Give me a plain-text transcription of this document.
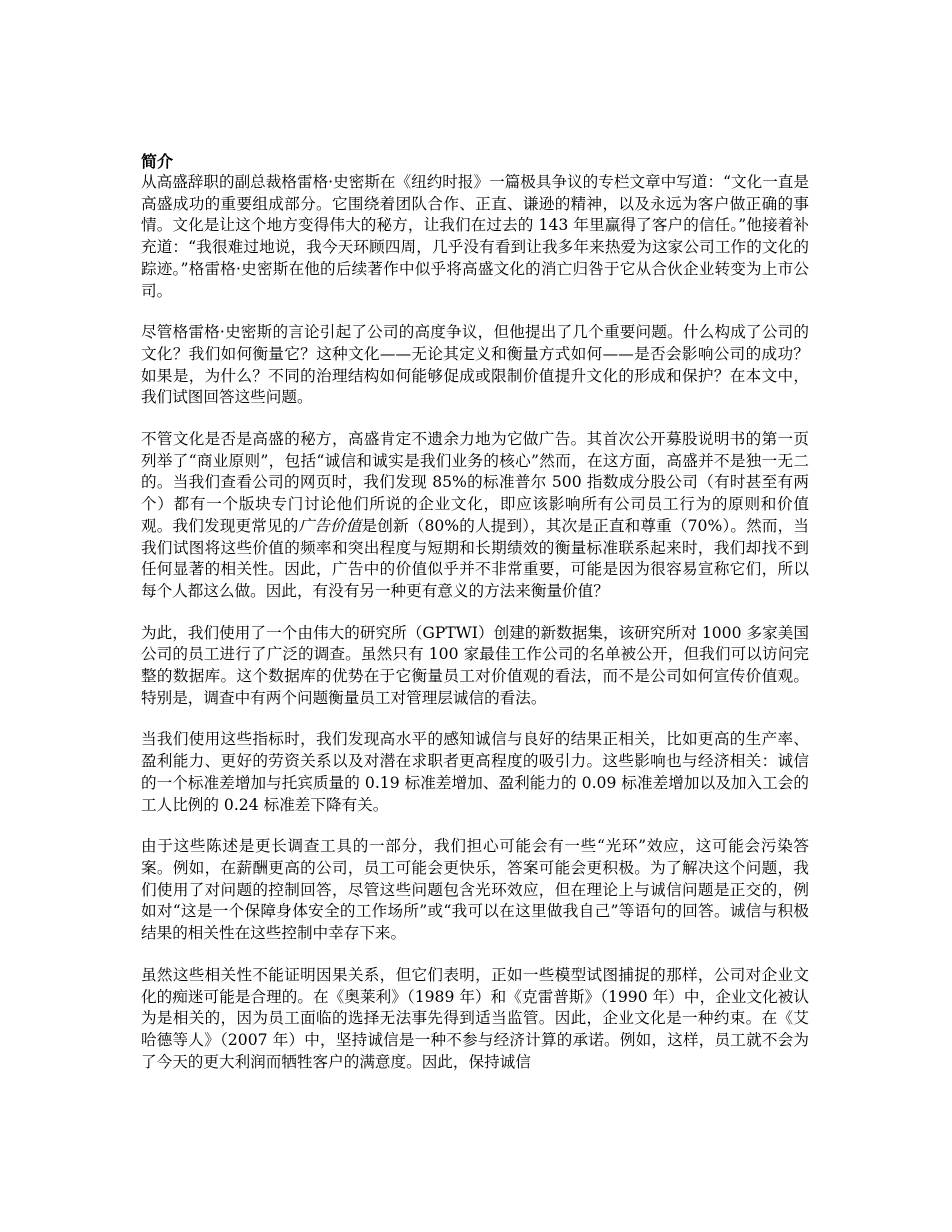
简介

从高盛辞职的副总裁格雷格·史密斯在《纽约时报》一篇极具争议的专栏文章中写道：“文化一直是高盛成功的重要组成部分。它围绕着团队合作、正直、谦逊的精神，以及永远为客户做正确的事情。文化是让这个地方变得伟大的秘方，让我们在过去的 143 年里赢得了客户的信任。”他接着补充道：“我很难过地说，我今天环顾四周，几乎没有看到让我多年来热爱为这家公司工作的文化的踪迹。”格雷格·史密斯在他的后续著作中似乎将高盛文化的消亡归咎于它从合伙企业转变为上市公司。

尽管格雷格·史密斯的言论引起了公司的高度争议，但他提出了几个重要问题。什么构成了公司的文化？我们如何衡量它？这种文化——无论其定义和衡量方式如何——是否会影响公司的成功？如果是，为什么？不同的治理结构如何能够促成或限制价值提升文化的形成和保护？在本文中，我们试图回答这些问题。

不管文化是否是高盛的秘方，高盛肯定不遗余力地为它做广告。其首次公开募股说明书的第一页列举了“商业原则”，包括“诚信和诚实是我们业务的核心”然而，在这方面，高盛并不是独一无二的。当我们查看公司的网页时，我们发现 85%的标准普尔 500 指数成分股公司（有时甚至有两个）都有一个版块专门讨论他们所说的企业文化，即应该影响所有公司员工行为的原则和价值观。我们发现更常见的广告价值是创新（80%的人提到），其次是正直和尊重（70%）。然而，当我们试图将这些价值的频率和突出程度与短期和长期绩效的衡量标准联系起来时，我们却找不到任何显著的相关性。因此，广告中的价值似乎并不非常重要，可能是因为很容易宣称它们，所以每个人都这么做。因此，有没有另一种更有意义的方法来衡量价值？

为此，我们使用了一个由伟大的研究所（GPTWI）创建的新数据集，该研究所对 1000 多家美国公司的员工进行了广泛的调查。虽然只有 100 家最佳工作公司的名单被公开，但我们可以访问完整的数据库。这个数据库的优势在于它衡量员工对价值观的看法，而不是公司如何宣传价值观。特别是，调查中有两个问题衡量员工对管理层诚信的看法。

当我们使用这些指标时，我们发现高水平的感知诚信与良好的结果正相关，比如更高的生产率、盈利能力、更好的劳资关系以及对潜在求职者更高程度的吸引力。这些影响也与经济相关：诚信的一个标准差增加与托宾质量的 0.19 标准差增加、盈利能力的 0.09 标准差增加以及加入工会的工人比例的 0.24 标准差下降有关。

由于这些陈述是更长调查工具的一部分，我们担心可能会有一些“光环”效应，这可能会污染答案。例如，在薪酬更高的公司，员工可能会更快乐，答案可能会更积极。为了解决这个问题，我们使用了对问题的控制回答，尽管这些问题包含光环效应，但在理论上与诚信问题是正交的，例如对“这是一个保障身体安全的工作场所”或“我可以在这里做我自己”等语句的回答。诚信与积极结果的相关性在这些控制中幸存下来。

虽然这些相关性不能证明因果关系，但它们表明，正如一些模型试图捕捉的那样，公司对企业文化的痴迷可能是合理的。在《奥莱利》（1989 年）和《克雷普斯》（1990 年）中，企业文化被认为是相关的，因为员工面临的选择无法事先得到适当监管。因此，企业文化是一种约束。在《艾哈德等人》（2007 年）中，坚持诚信是一种不参与经济计算的承诺。例如，这样，员工就不会为了今天的更大利润而牺牲客户的满意度。因此，保持诚信
